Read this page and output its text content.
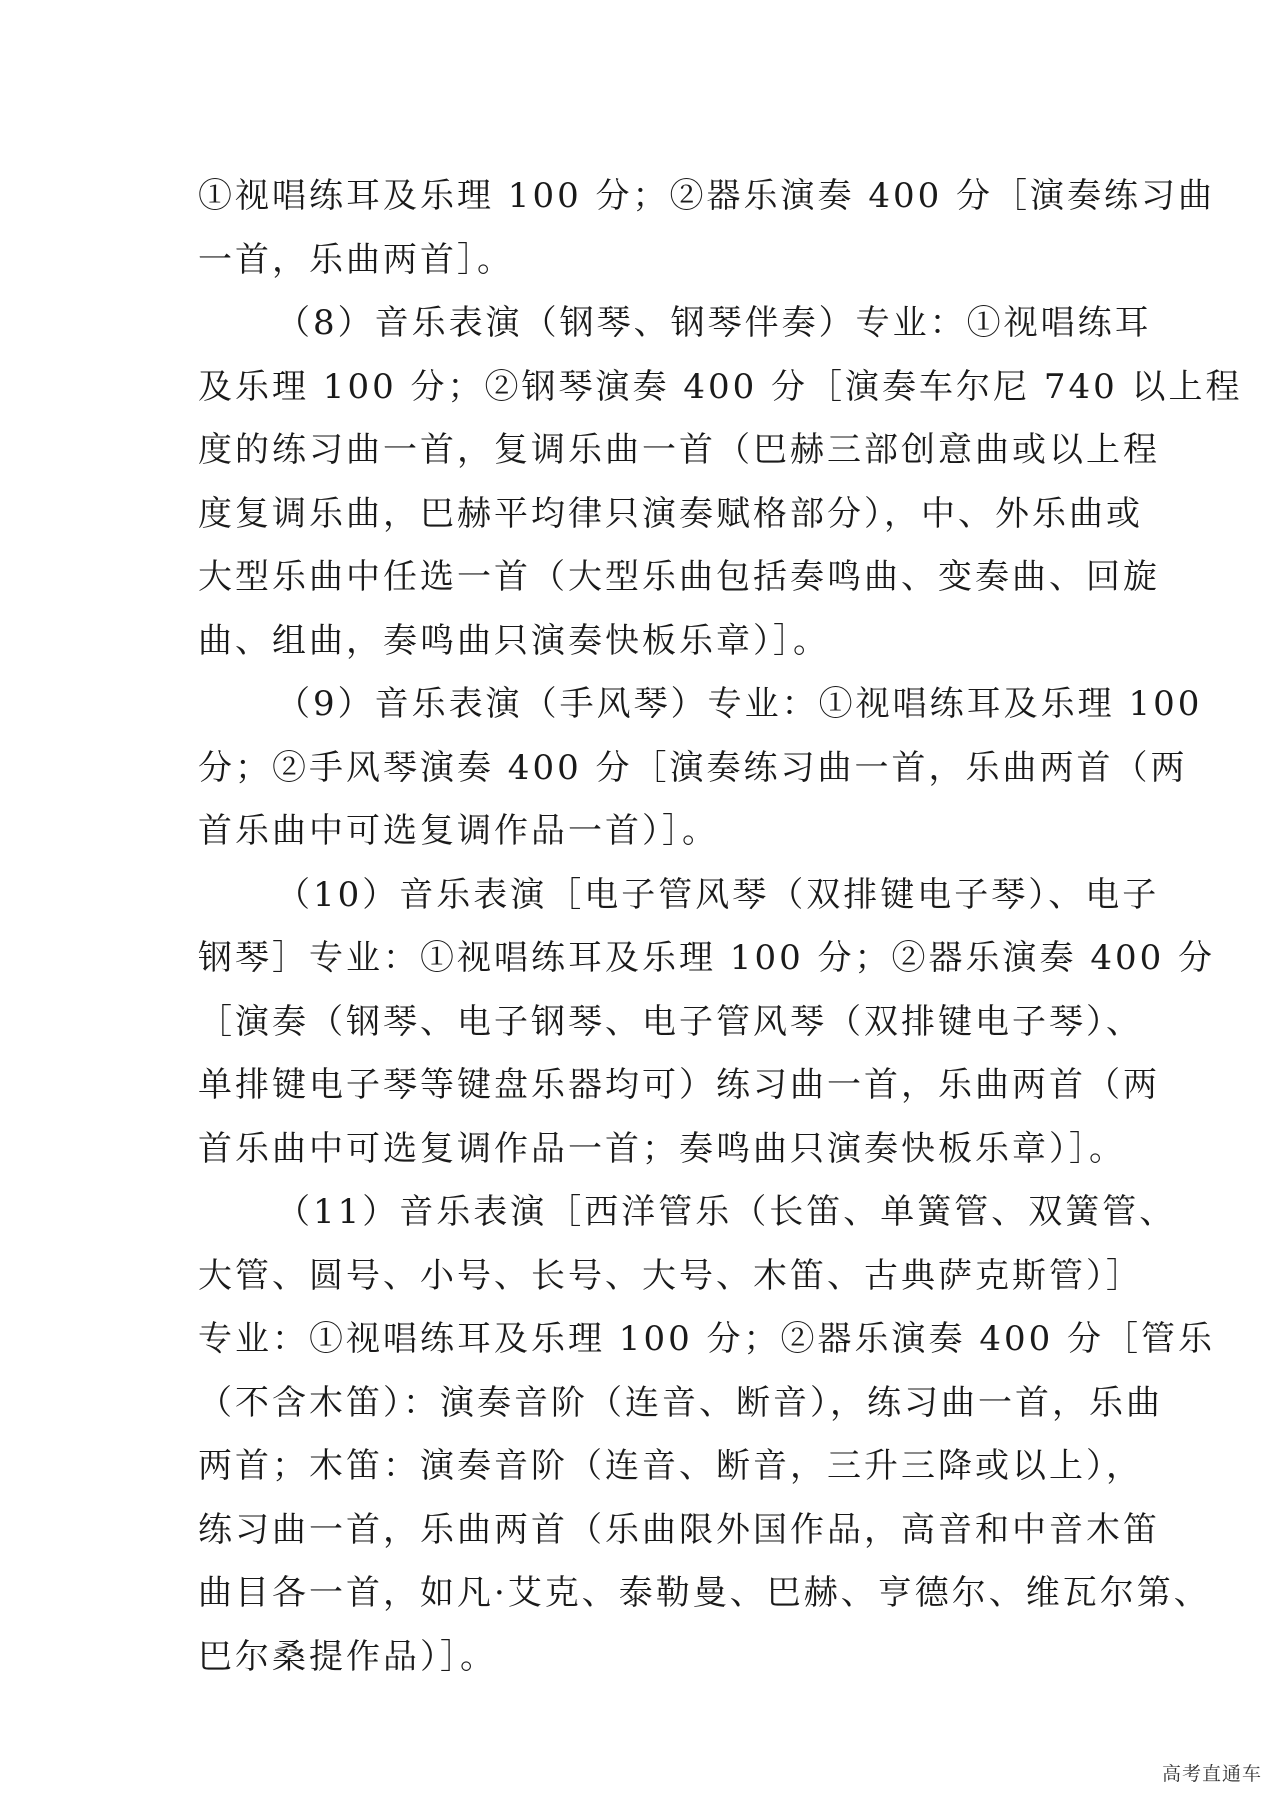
①视唱练耳及乐理 100 分；②器乐演奏 400 分［演奏练习曲
一首，乐曲两首］。
（8）音乐表演（钢琴、钢琴伴奏）专业：①视唱练耳
及乐理 100 分；②钢琴演奏 400 分［演奏车尔尼 740 以上程
度的练习曲一首，复调乐曲一首（巴赫三部创意曲或以上程
度复调乐曲，巴赫平均律只演奏赋格部分），中、外乐曲或
大型乐曲中任选一首（大型乐曲包括奏鸣曲、变奏曲、回旋
曲、组曲，奏鸣曲只演奏快板乐章）］。
（9）音乐表演（手风琴）专业：①视唱练耳及乐理 100
分；②手风琴演奏 400 分［演奏练习曲一首，乐曲两首（两
首乐曲中可选复调作品一首）］。
（10）音乐表演［电子管风琴（双排键电子琴）、电子
钢琴］专业：①视唱练耳及乐理 100 分；②器乐演奏 400 分
［演奏（钢琴、电子钢琴、电子管风琴（双排键电子琴）、
单排键电子琴等键盘乐器均可）练习曲一首，乐曲两首（两
首乐曲中可选复调作品一首；奏鸣曲只演奏快板乐章）］。
（11）音乐表演［西洋管乐（长笛、单簧管、双簧管、
大管、圆号、小号、长号、大号、木笛、古典萨克斯管）］
专业：①视唱练耳及乐理 100 分；②器乐演奏 400 分［管乐
（不含木笛）：演奏音阶（连音、断音），练习曲一首，乐曲
两首；木笛：演奏音阶（连音、断音，三升三降或以上），
练习曲一首，乐曲两首（乐曲限外国作品，高音和中音木笛
曲目各一首，如凡·艾克、泰勒曼、巴赫、亨德尔、维瓦尔第、
巴尔桑提作品）］。
高考直通车
